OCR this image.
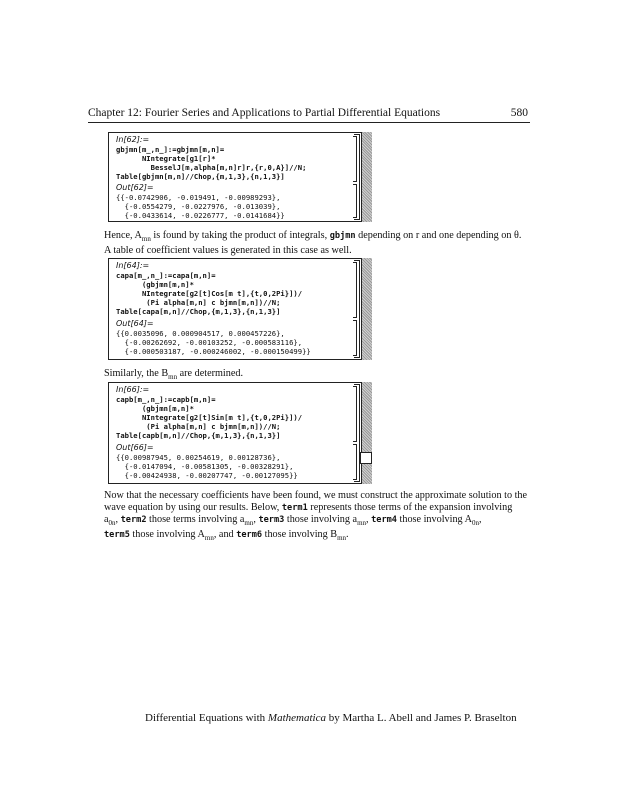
Chapter 12: Fourier Series and Applications to Partial Differential Equations	580
In[62]:=
gbjmn[m_,n_]:=gbjmn[m,n]=
NIntegrate[g1[r]*
BesselJ[m,alpha[m,n]r]r,{r,0,A}]//N;
Table[gbjmn[m,n]//Chop,{m,1,3},{n,1,3}]
Out[62]=
{{-0.0742906, -0.019491, -0.00989293},
{-0.0554279, -0.0227976, -0.013039},
{-0.0433614, -0.0226777, -0.0141684}}
Hence, $A_{mn}$ is found by taking the product of integrals, gbjmn depending on r and one depending on θ.
A table of coefficient values is generated in this case as well.
In[64]:=
capa[m_,n_]:=capa[m,n]=
(gbjmn[m,n]*
NIntegrate[g2[t]Cos[m t],{t,0,2Pi}])/
(Pi alpha[m,n] c bjmn[m,n])//N;
Table[capa[m,n]//Chop,{m,1,3},{n,1,3}]
Out[64]=
{{0.0035096, 0.000904517, 0.000457226},
{-0.00262692, -0.00103252, -0.000583116},
{-0.000503187, -0.000246002, -0.000150499}}
Similarly, the $B_{mn}$ are determined.
In[66]:=
capb[m_,n_]:=capb[m,n]=
(gbjmn[m,n]*
NIntegrate[g2[t]Sin[m t],{t,0,2Pi}])/
(Pi alpha[m,n] c bjmn[m,n])//N;
Table[capb[m,n]//Chop,{m,1,3},{n,1,3}]
Out[66]=
{{0.00987945, 0.00254619, 0.00128736},
{-0.0147094, -0.00581305, -0.00328291},
{-0.00424938, -0.00207747, -0.00127095}}
Now that the necessary coefficients have been found, we must construct the approximate solution to the
wave equation by using our results. Below, term1 represents those terms of the expansion involving
$a_{0n}$, term2 those terms involving $a_{mn}$, term3 those involving $a_{mn}$, term4 those involving $A_{0n}$,
term5 those involving $A_{mn}$, and term6 those involving $B_{mn}$.
Differential Equations with Mathematica by Martha L. Abell and James P. Braselton
